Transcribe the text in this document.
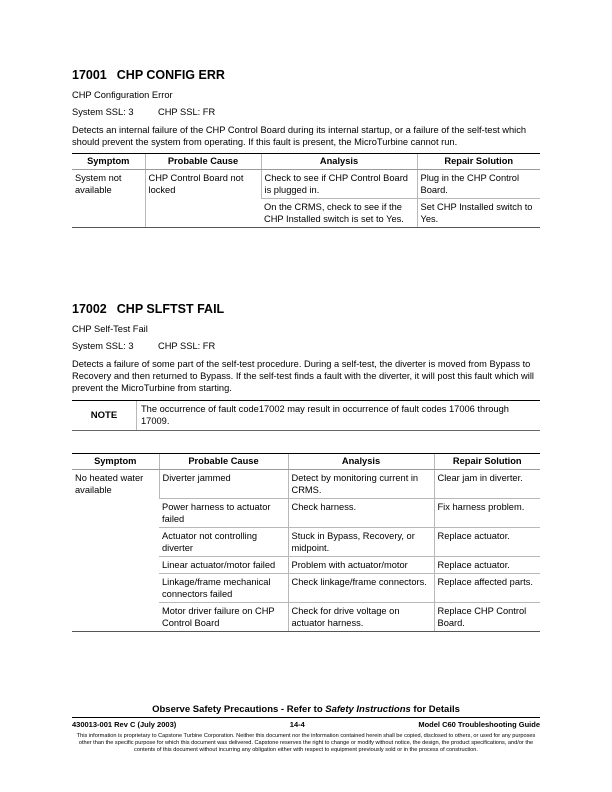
17001 CHP CONFIG ERR

CHP Configuration Error

System SSL: 3	CHP SSL: FR

Detects an internal failure of the CHP Control Board during its internal startup, or a failure of the self-test which should prevent the system from operating. If this fault is present, the MicroTurbine cannot run.

Symptom	Probable Cause	Analysis	Repair Solution
System not available	CHP Control Board not locked	Check to see if CHP Control Board is plugged in.	Plug in the CHP Control Board.
		On the CRMS, check to see if the CHP Installed switch is set to Yes.	Set CHP Installed switch to Yes.

17002 CHP SLFTST FAIL

CHP Self-Test Fail

System SSL: 3	CHP SSL: FR

Detects a failure of some part of the self-test procedure. During a self-test, the diverter is moved from Bypass to Recovery and then returned to Bypass. If the self-test finds a fault with the diverter, it will post this fault which will prevent the MicroTurbine from starting.

NOTE
The occurrence of fault code17002 may result in occurrence of fault codes 17006 through 17009.
Symptom	Probable Cause	Analysis	Repair Solution
No heated water available	Diverter jammed	Detect by monitoring current in CRMS.	Clear jam in diverter.
	Power harness to actuator failed	Check harness.	Fix harness problem.
	Actuator not controlling diverter	Stuck in Bypass, Recovery, or midpoint.	Replace actuator.
	Linear actuator/motor failed	Problem with actuator/motor	Replace actuator.
	Linkage/frame mechanical connectors failed	Check linkage/frame connectors.	Replace affected parts.
	Motor driver failure on CHP Control Board	Check for drive voltage on actuator harness.	Replace CHP Control Board.
Observe Safety Precautions - Refer to Safety Instructions for Details
430013-001 Rev C (July 2003)	14-4	Model C60 Troubleshooting Guide
This information is proprietary to Capstone Turbine Corporation. Neither this document nor the information contained herein shall be copied, disclosed to others, or used for any purposes other than the specific purpose for which this document was delivered. Capstone reserves the right to change or modify without notice, the design, the product specifications, and/or the contents of this document without incurring any obligation either with respect to equipment previously sold or in the process of construction.
